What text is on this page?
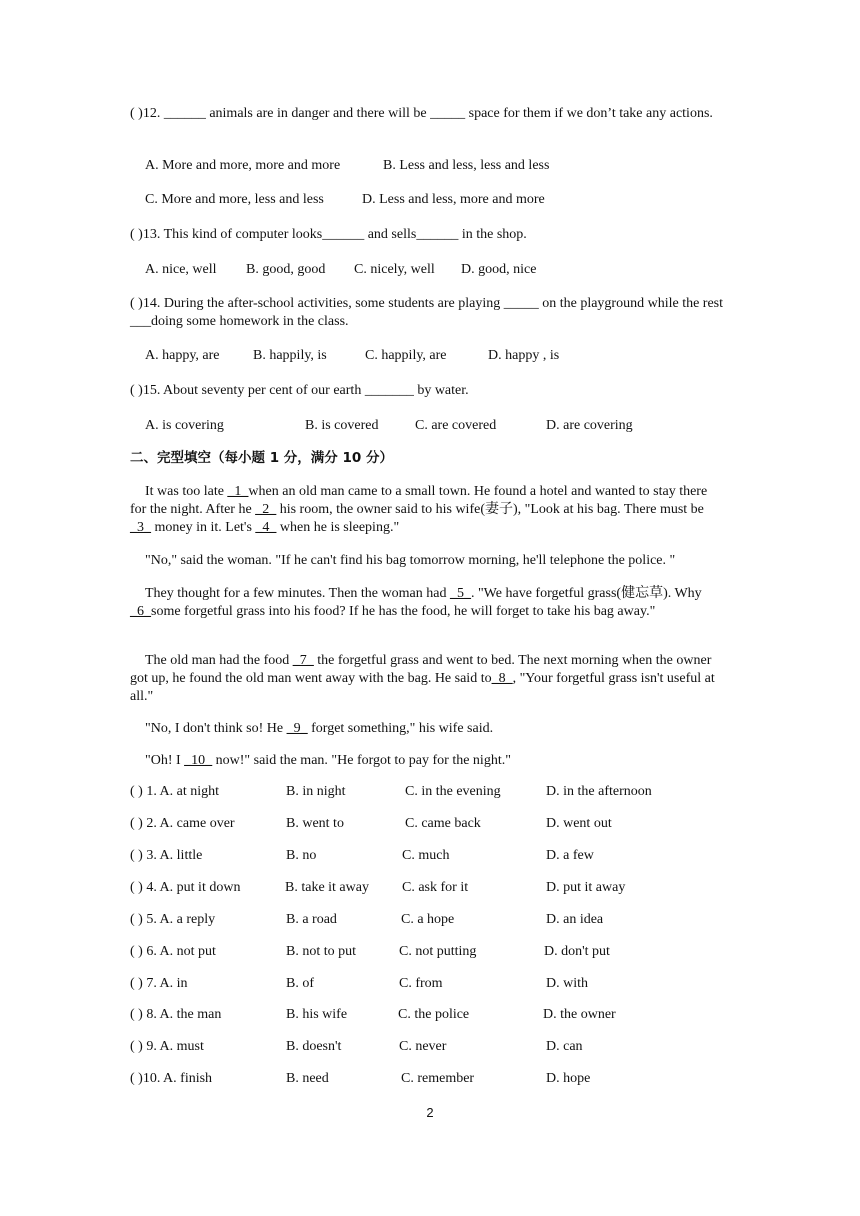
( )12. ______ animals are in danger and there will be _____ space for them if we don’t take any actions.
A. More and more, more and more	B. Less and less, less and less
C. More and more, less and less	D. Less and less, more and more
( )13. This kind of computer looks______ and sells______ in the shop.
A. nice, well B. good, good C. nicely, well D. good, nice
( )14. During the after-school activities, some students are playing _____ on the playground while the rest ___doing some homework in the class.
A. happy, are B. happily, is	C. happily, are	D. happy , is
( )15. About seventy per cent of our earth _______ by water.
A. is covering	B. is covered	C. are covered	D. are covering
二、完型填空（每小题 1 分，满分 10 分）
It was too late _1_when an old man came to a small town. He found a hotel and wanted to stay there for the night. After he _2_ his room, the owner said to his wife(妻子), "Look at his bag. There must be _3_ money in it. Let's _4_ when he is sleeping."
"No," said the woman. "If he can't find his bag tomorrow morning, he'll telephone the police. "
They thought for a few minutes. Then the woman had _5_. "We have forgetful grass(健忘草). Why _6_some forgetful grass into his food? If he has the food, he will forget to take his bag away."
The old man had the food _7_ the forgetful grass and went to bed. The next morning when the owner got up, he found the old man went away with the bag. He said to_8_, "Your forgetful grass isn't useful at all."
"No, I don't think so! He _9_ forget something," his wife said.
"Oh! I _10_ now!" said the man. "He forgot to pay for the night."
( ) 1. A. at night	B. in night	C. in the evening	D. in the afternoon
( ) 2. A. came over	B. went to	C. came back	D. went out
( ) 3. A. little	B. no	C. much	D. a few
( ) 4. A. put it down	B. take it away C. ask for it	D. put it away
( ) 5. A. a reply	B. a road	C. a hope	D. an idea
( ) 6. A. not put	B. not to put	C. not putting	D. don't put
( ) 7. A. in	B. of	C. from	D. with
( ) 8. A. the man	B. his wife	C. the police	D. the owner
( ) 9. A. must	B. doesn't	C. never	D. can
( )10. A. finish	B. need	C. remember	D. hope
2
